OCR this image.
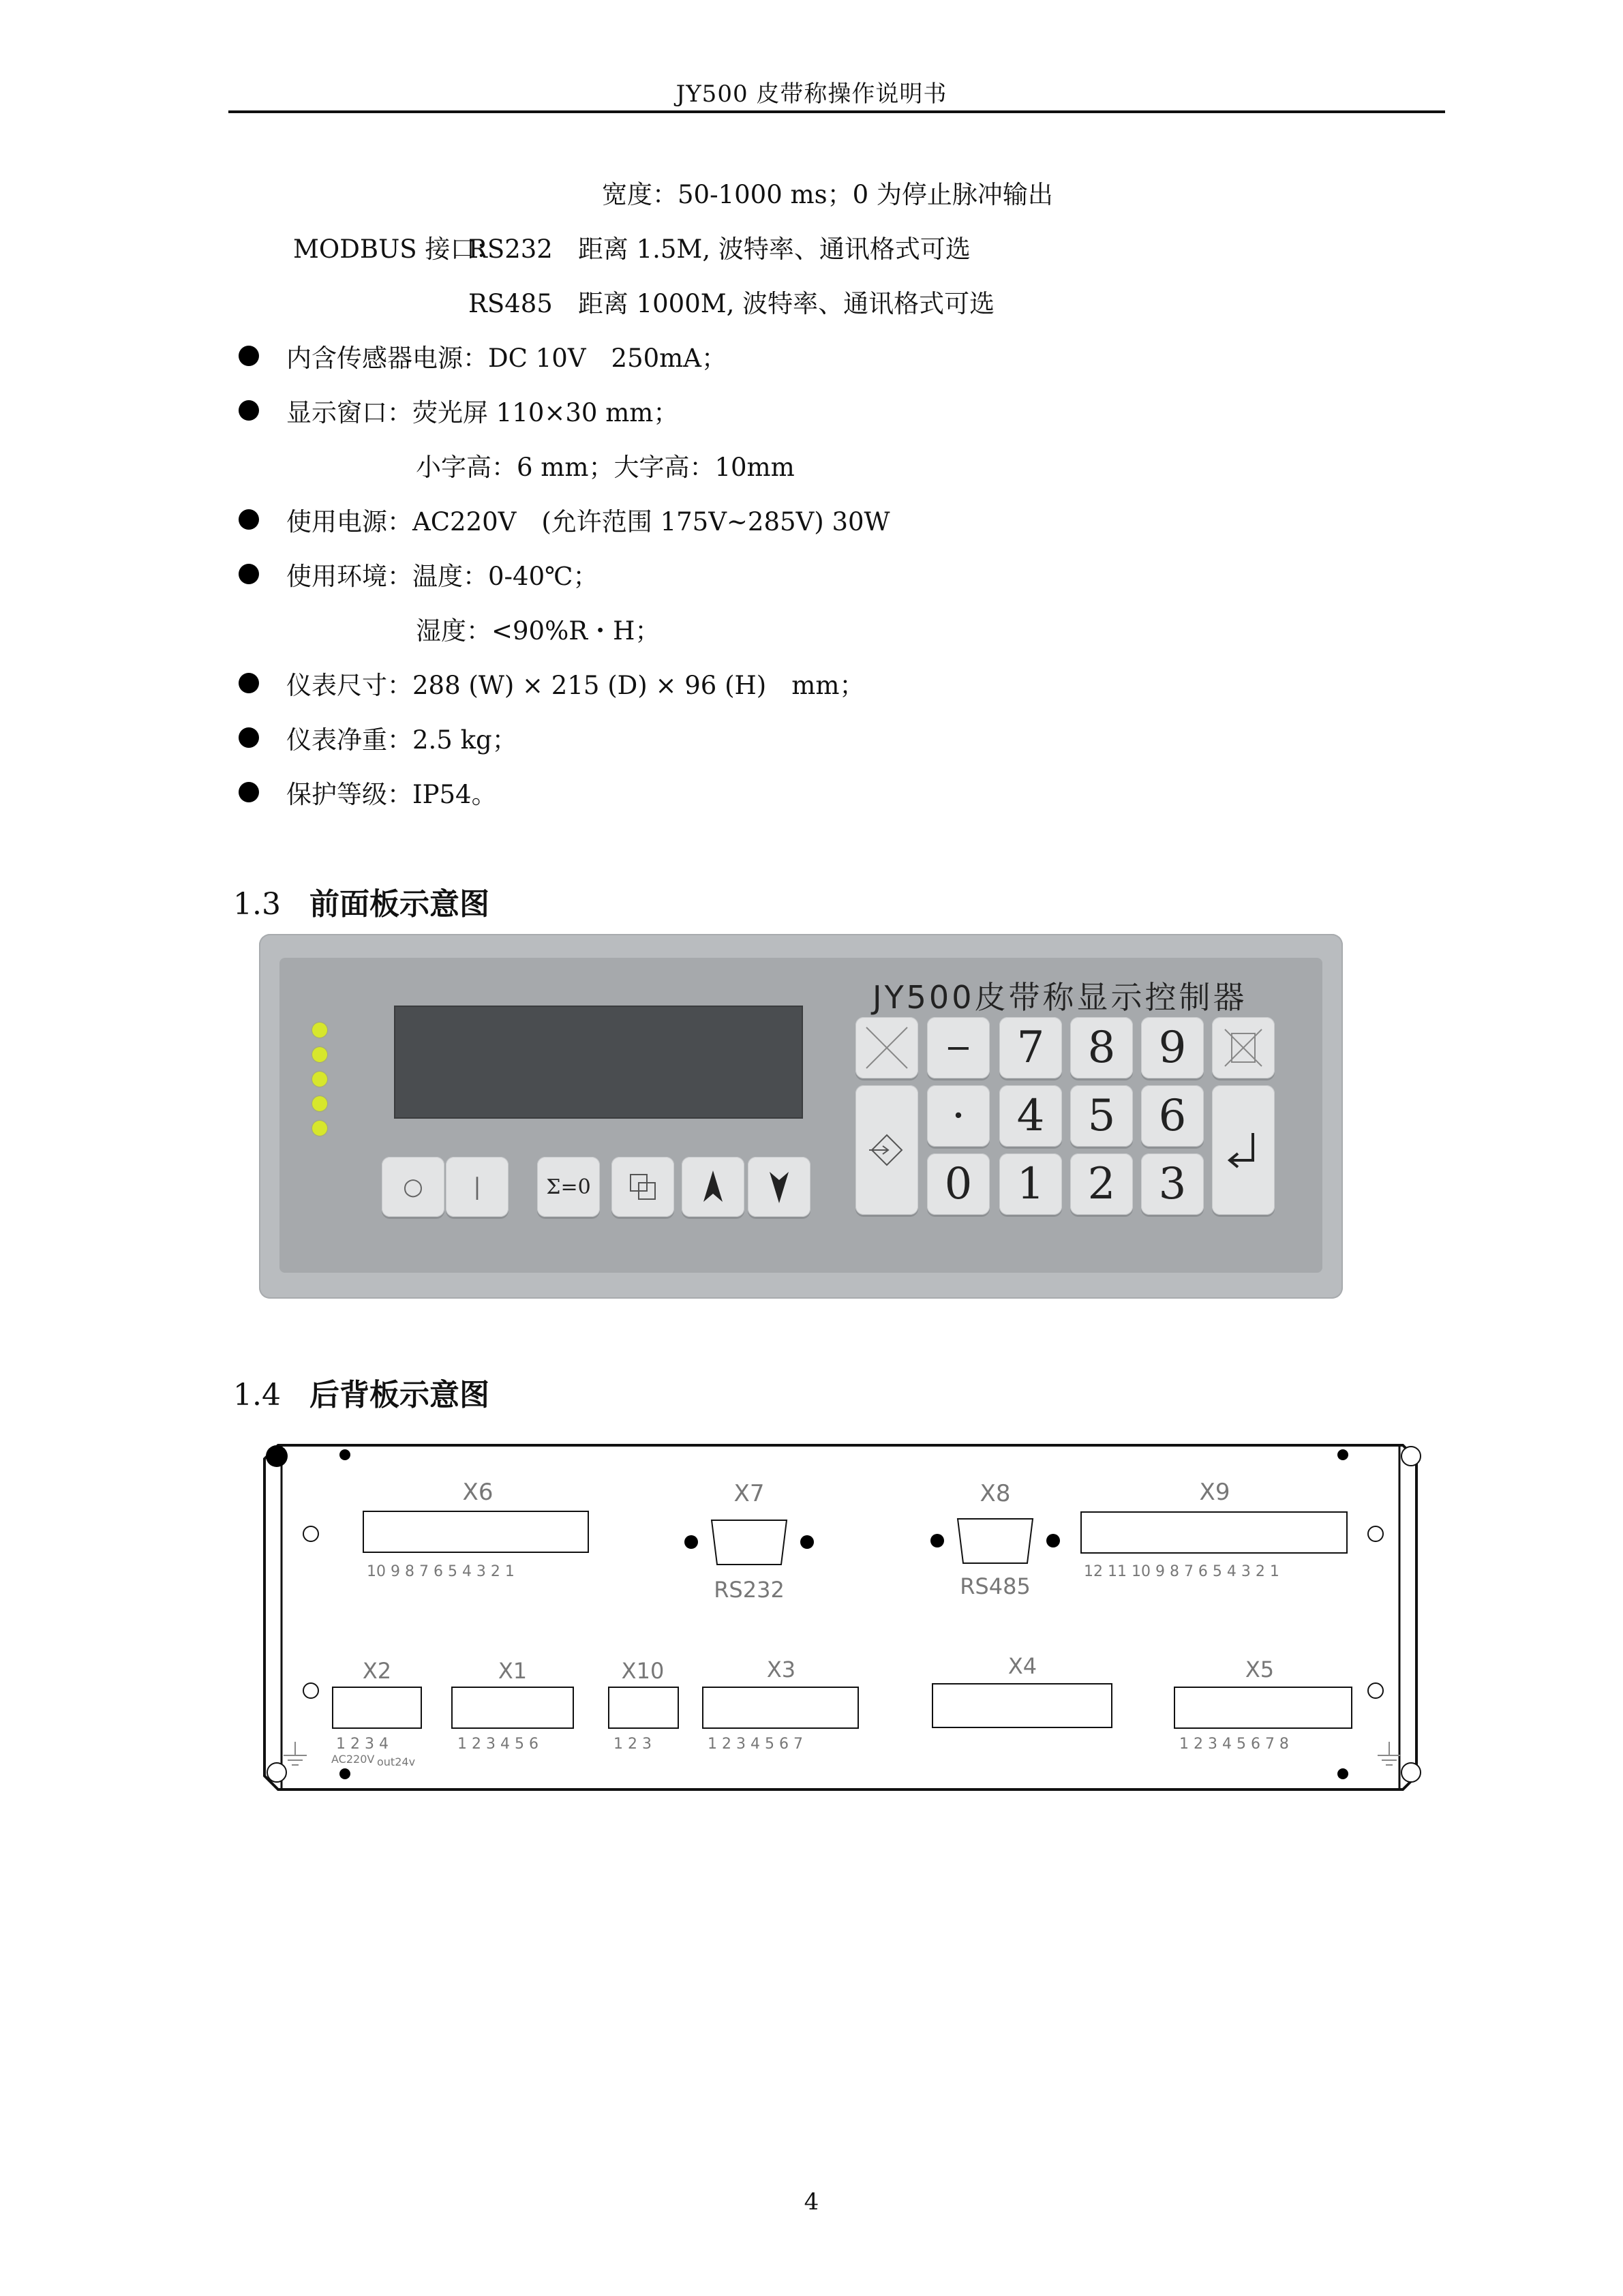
JY500 皮带称操作说明书
宽度：50-1000 ms；0 为停止脉冲输出
MODBUS 接口：
RS232　距离 1.5M, 波特率、通讯格式可选
RS485　距离 1000M, 波特率、通讯格式可选
内含传感器电源：DC 10V　250mA；
显示窗口：荧光屏 110×30 mm；
小字高：6 mm；大字高：10mm
使用电源：AC220V　(允许范围 175V~285V) 30W
使用环境：温度：0-40℃；
湿度：<90%R・H；
仪表尺寸：288 (W) × 215 (D) × 96 (H)　mm；
仪表净重：2.5 kg；
保护等级：IP54。
1.3 前面板示意图
JY500皮带称显示控制器
○ |	Σ=0
− 7 8 9
· 4 5 6
0 1 2 3
1.4 后背板示意图
X6
10 9 8 7 6 5 4 3 2 1
X7
RS232
X8
RS485
X9
12 11 10 9 8 7 6 5 4 3 2 1
X2
1 2 3 4
AC220V out24v
X1
1 2 3 4 5 6
X10
1 2 3
X3
1 2 3 4 5 6 7
X4	X5
1 2 3 4 5 6 7 8
4
